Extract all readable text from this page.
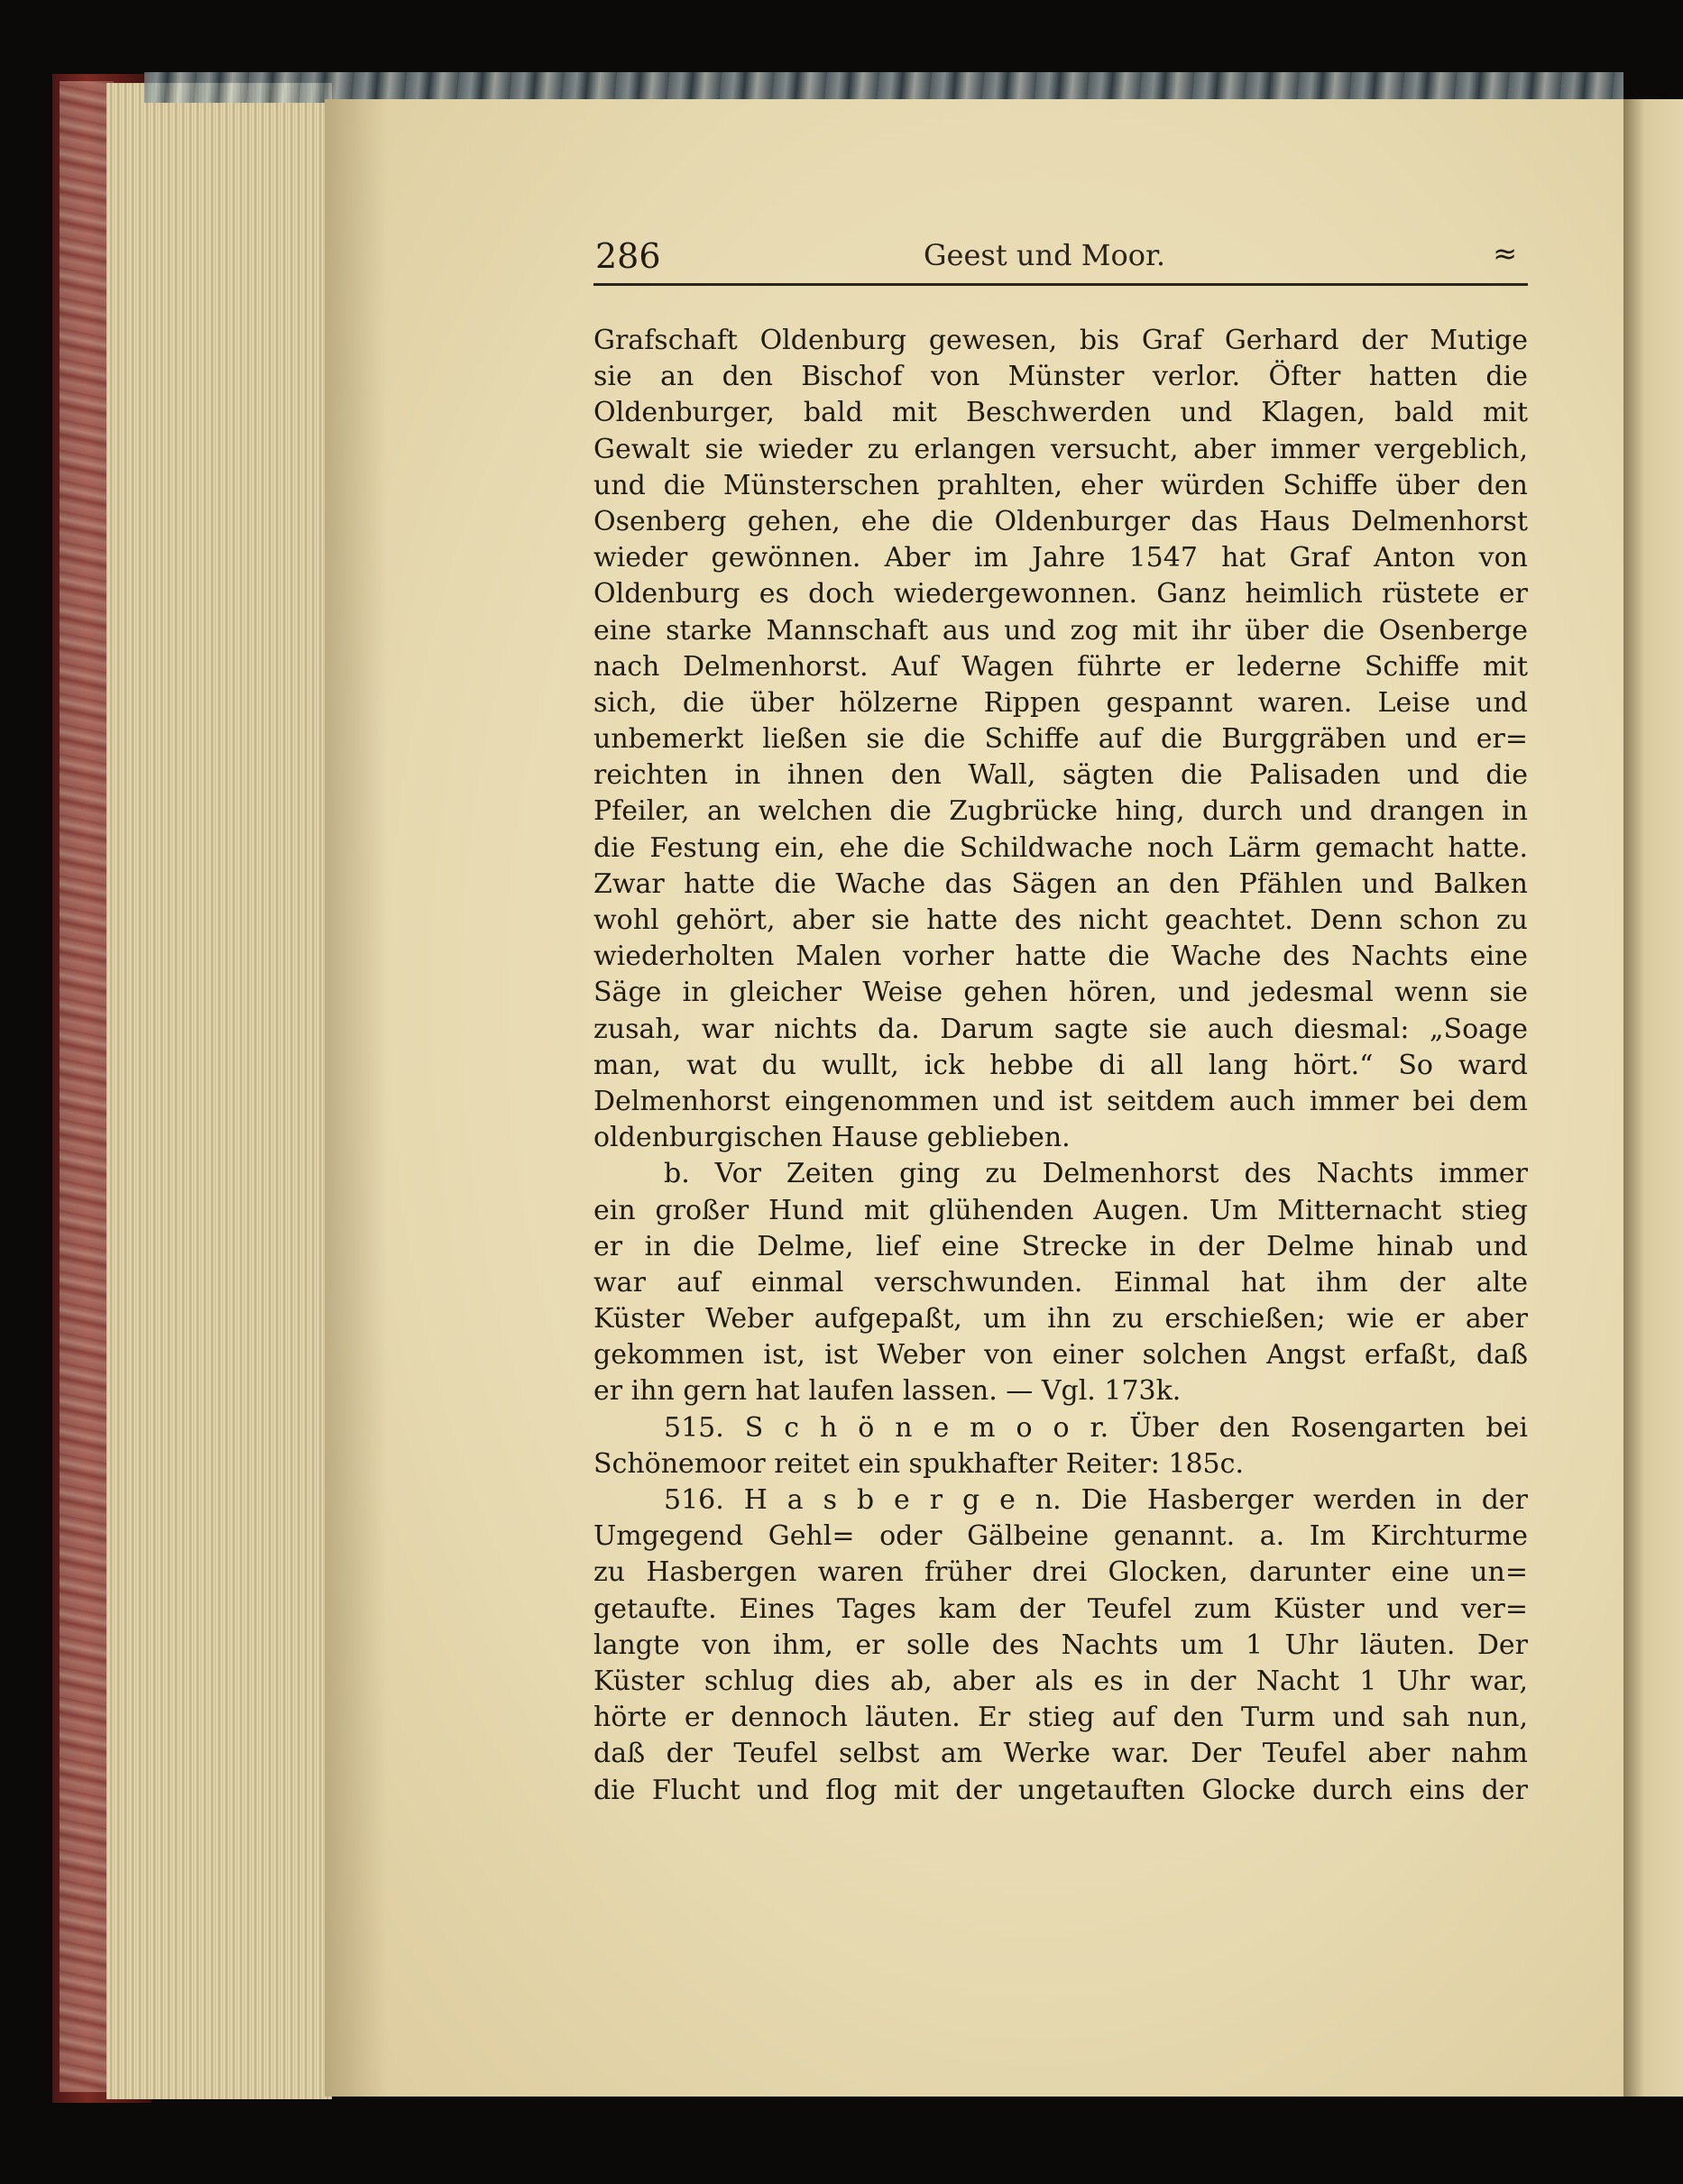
286	Geest und Moor.	≈
Grafschaft Oldenburg gewesen, bis Graf Gerhard der Mutige
sie an den Bischof von Münster verlor. Öfter hatten die
Oldenburger, bald mit Beschwerden und Klagen, bald mit
Gewalt sie wieder zu erlangen versucht, aber immer vergeblich,
und die Münsterschen prahlten, eher würden Schiffe über den
Osenberg gehen, ehe die Oldenburger das Haus Delmenhorst
wieder gewönnen. Aber im Jahre 1547 hat Graf Anton von
Oldenburg es doch wiedergewonnen. Ganz heimlich rüstete er
eine starke Mannschaft aus und zog mit ihr über die Osenberge
nach Delmenhorst. Auf Wagen führte er lederne Schiffe mit
sich, die über hölzerne Rippen gespannt waren. Leise und
unbemerkt ließen sie die Schiffe auf die Burggräben und er=
reichten in ihnen den Wall, sägten die Palisaden und die
Pfeiler, an welchen die Zugbrücke hing, durch und drangen in
die Festung ein, ehe die Schildwache noch Lärm gemacht hatte.
Zwar hatte die Wache das Sägen an den Pfählen und Balken
wohl gehört, aber sie hatte des nicht geachtet. Denn schon zu
wiederholten Malen vorher hatte die Wache des Nachts eine
Säge in gleicher Weise gehen hören, und jedesmal wenn sie
zusah, war nichts da. Darum sagte sie auch diesmal: „Soage
man, wat du wullt, ick hebbe di all lang hört.“ So ward
Delmenhorst eingenommen und ist seitdem auch immer bei dem
oldenburgischen Hause geblieben.
b. Vor Zeiten ging zu Delmenhorst des Nachts immer
ein großer Hund mit glühenden Augen. Um Mitternacht stieg
er in die Delme, lief eine Strecke in der Delme hinab und
war auf einmal verschwunden. Einmal hat ihm der alte
Küster Weber aufgepaßt, um ihn zu erschießen; wie er aber
gekommen ist, ist Weber von einer solchen Angst erfaßt, daß
er ihn gern hat laufen lassen. — Vgl. 173k.
515. S c h ö n e m o o r. Über den Rosengarten bei
Schönemoor reitet ein spukhafter Reiter: 185c.
516. H a s b e r g e n. Die Hasberger werden in der
Umgegend Gehl= oder Gälbeine genannt. a. Im Kirchturme
zu Hasbergen waren früher drei Glocken, darunter eine un=
getaufte. Eines Tages kam der Teufel zum Küster und ver=
langte von ihm, er solle des Nachts um 1 Uhr läuten. Der
Küster schlug dies ab, aber als es in der Nacht 1 Uhr war,
hörte er dennoch läuten. Er stieg auf den Turm und sah nun,
daß der Teufel selbst am Werke war. Der Teufel aber nahm
die Flucht und flog mit der ungetauften Glocke durch eins der
